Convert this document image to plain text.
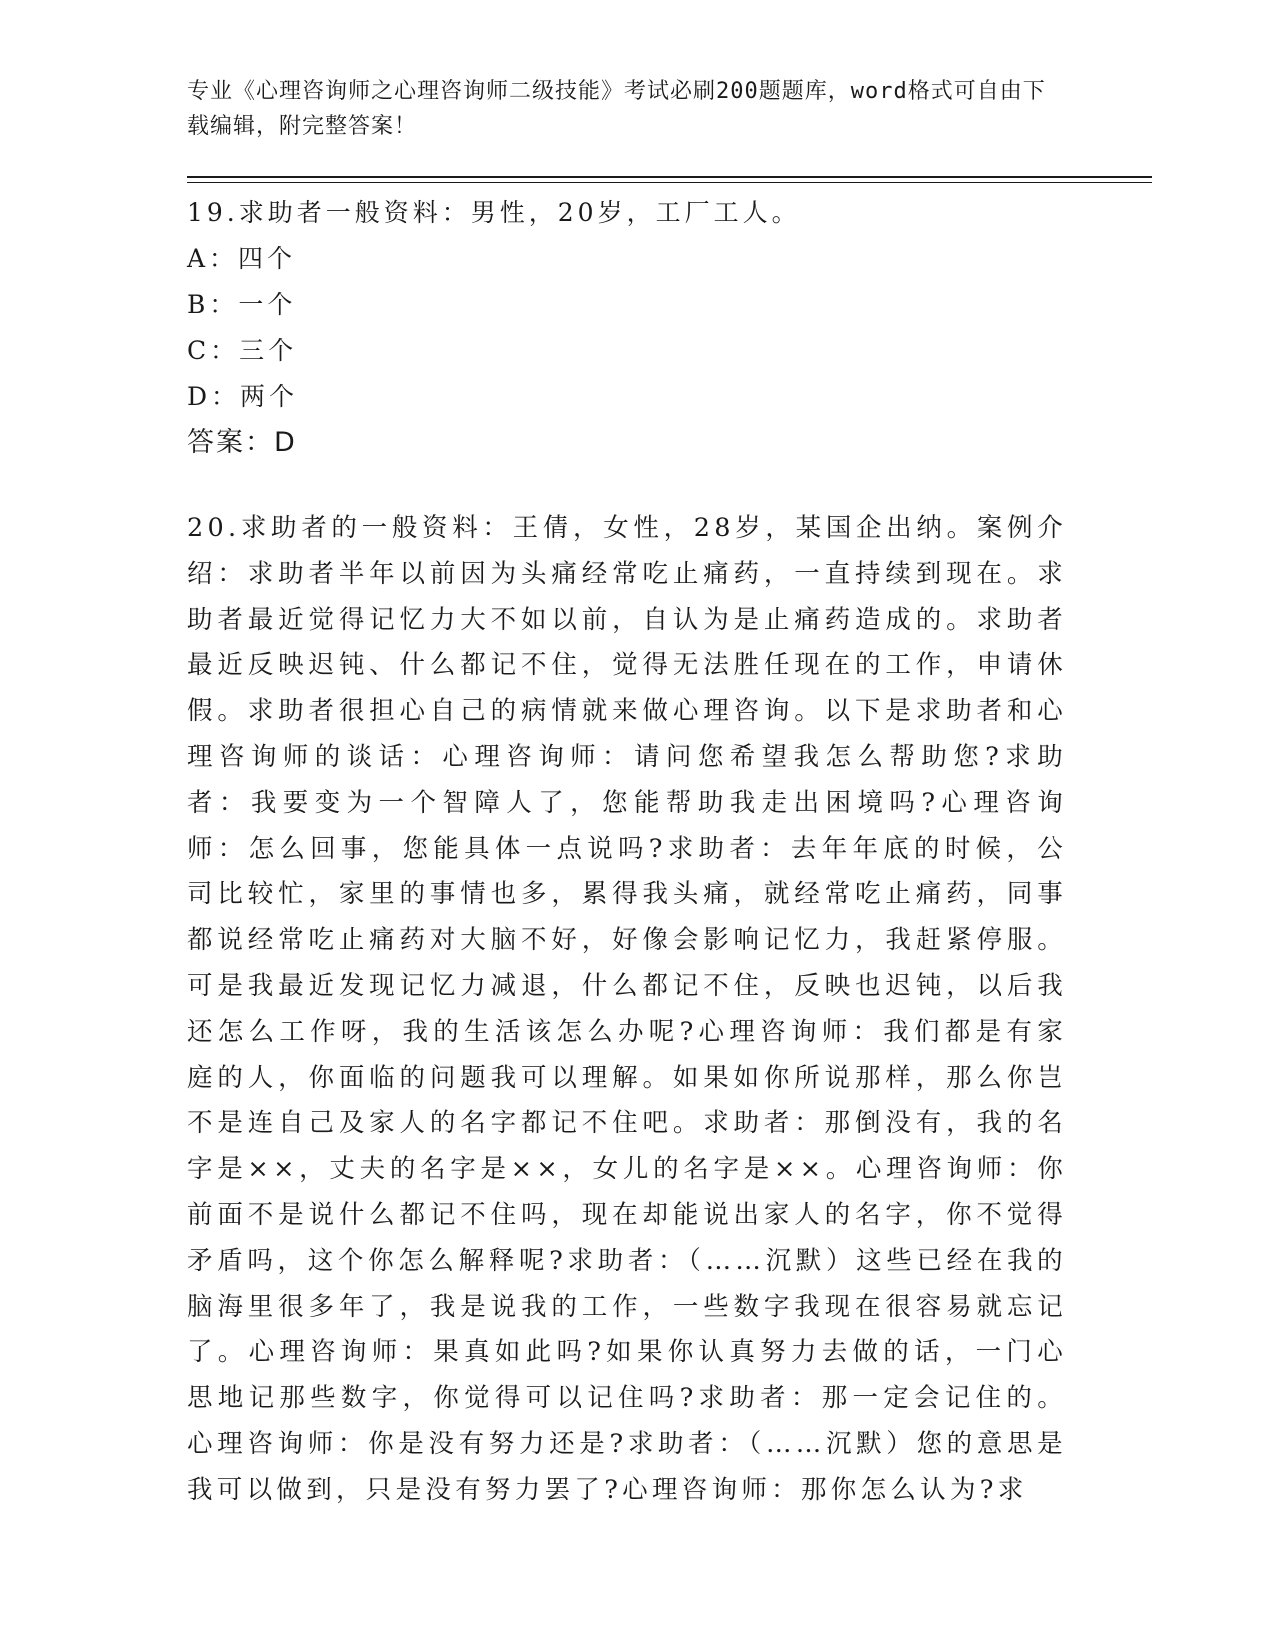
专业《心理咨询师之心理咨询师二级技能》考试必刷200题题库，word格式可自由下载编辑，附完整答案！
19.求助者一般资料：男性，20岁，工厂工人。
A：四个
B：一个
C：三个
D：两个
答案：D
20.求助者的一般资料：王倩，女性，28岁，某国企出纳。案例介绍：求助者半年以前因为头痛经常吃止痛药，一直持续到现在。求助者最近觉得记忆力大不如以前，自认为是止痛药造成的。求助者最近反映迟钝、什么都记不住，觉得无法胜任现在的工作，申请休假。求助者很担心自己的病情就来做心理咨询。以下是求助者和心理咨询师的谈话：心理咨询师：请问您希望我怎么帮助您?求助者：我要变为一个智障人了，您能帮助我走出困境吗?心理咨询师：怎么回事，您能具体一点说吗?求助者：去年年底的时候，公司比较忙，家里的事情也多，累得我头痛，就经常吃止痛药，同事都说经常吃止痛药对大脑不好，好像会影响记忆力，我赶紧停服。可是我最近发现记忆力减退，什么都记不住，反映也迟钝，以后我还怎么工作呀，我的生活该怎么办呢?心理咨询师：我们都是有家庭的人，你面临的问题我可以理解。如果如你所说那样，那么你岂不是连自己及家人的名字都记不住吧。求助者：那倒没有，我的名字是××，丈夫的名字是××，女儿的名字是××。心理咨询师：你前面不是说什么都记不住吗，现在却能说出家人的名字，你不觉得矛盾吗，这个你怎么解释呢?求助者：（……沉默）这些已经在我的脑海里很多年了，我是说我的工作，一些数字我现在很容易就忘记了。心理咨询师：果真如此吗?如果你认真努力去做的话，一门心思地记那些数字，你觉得可以记住吗?求助者：那一定会记住的。心理咨询师：你是没有努力还是?求助者：（……沉默）您的意思是我可以做到，只是没有努力罢了?心理咨询师：那你怎么认为?求
